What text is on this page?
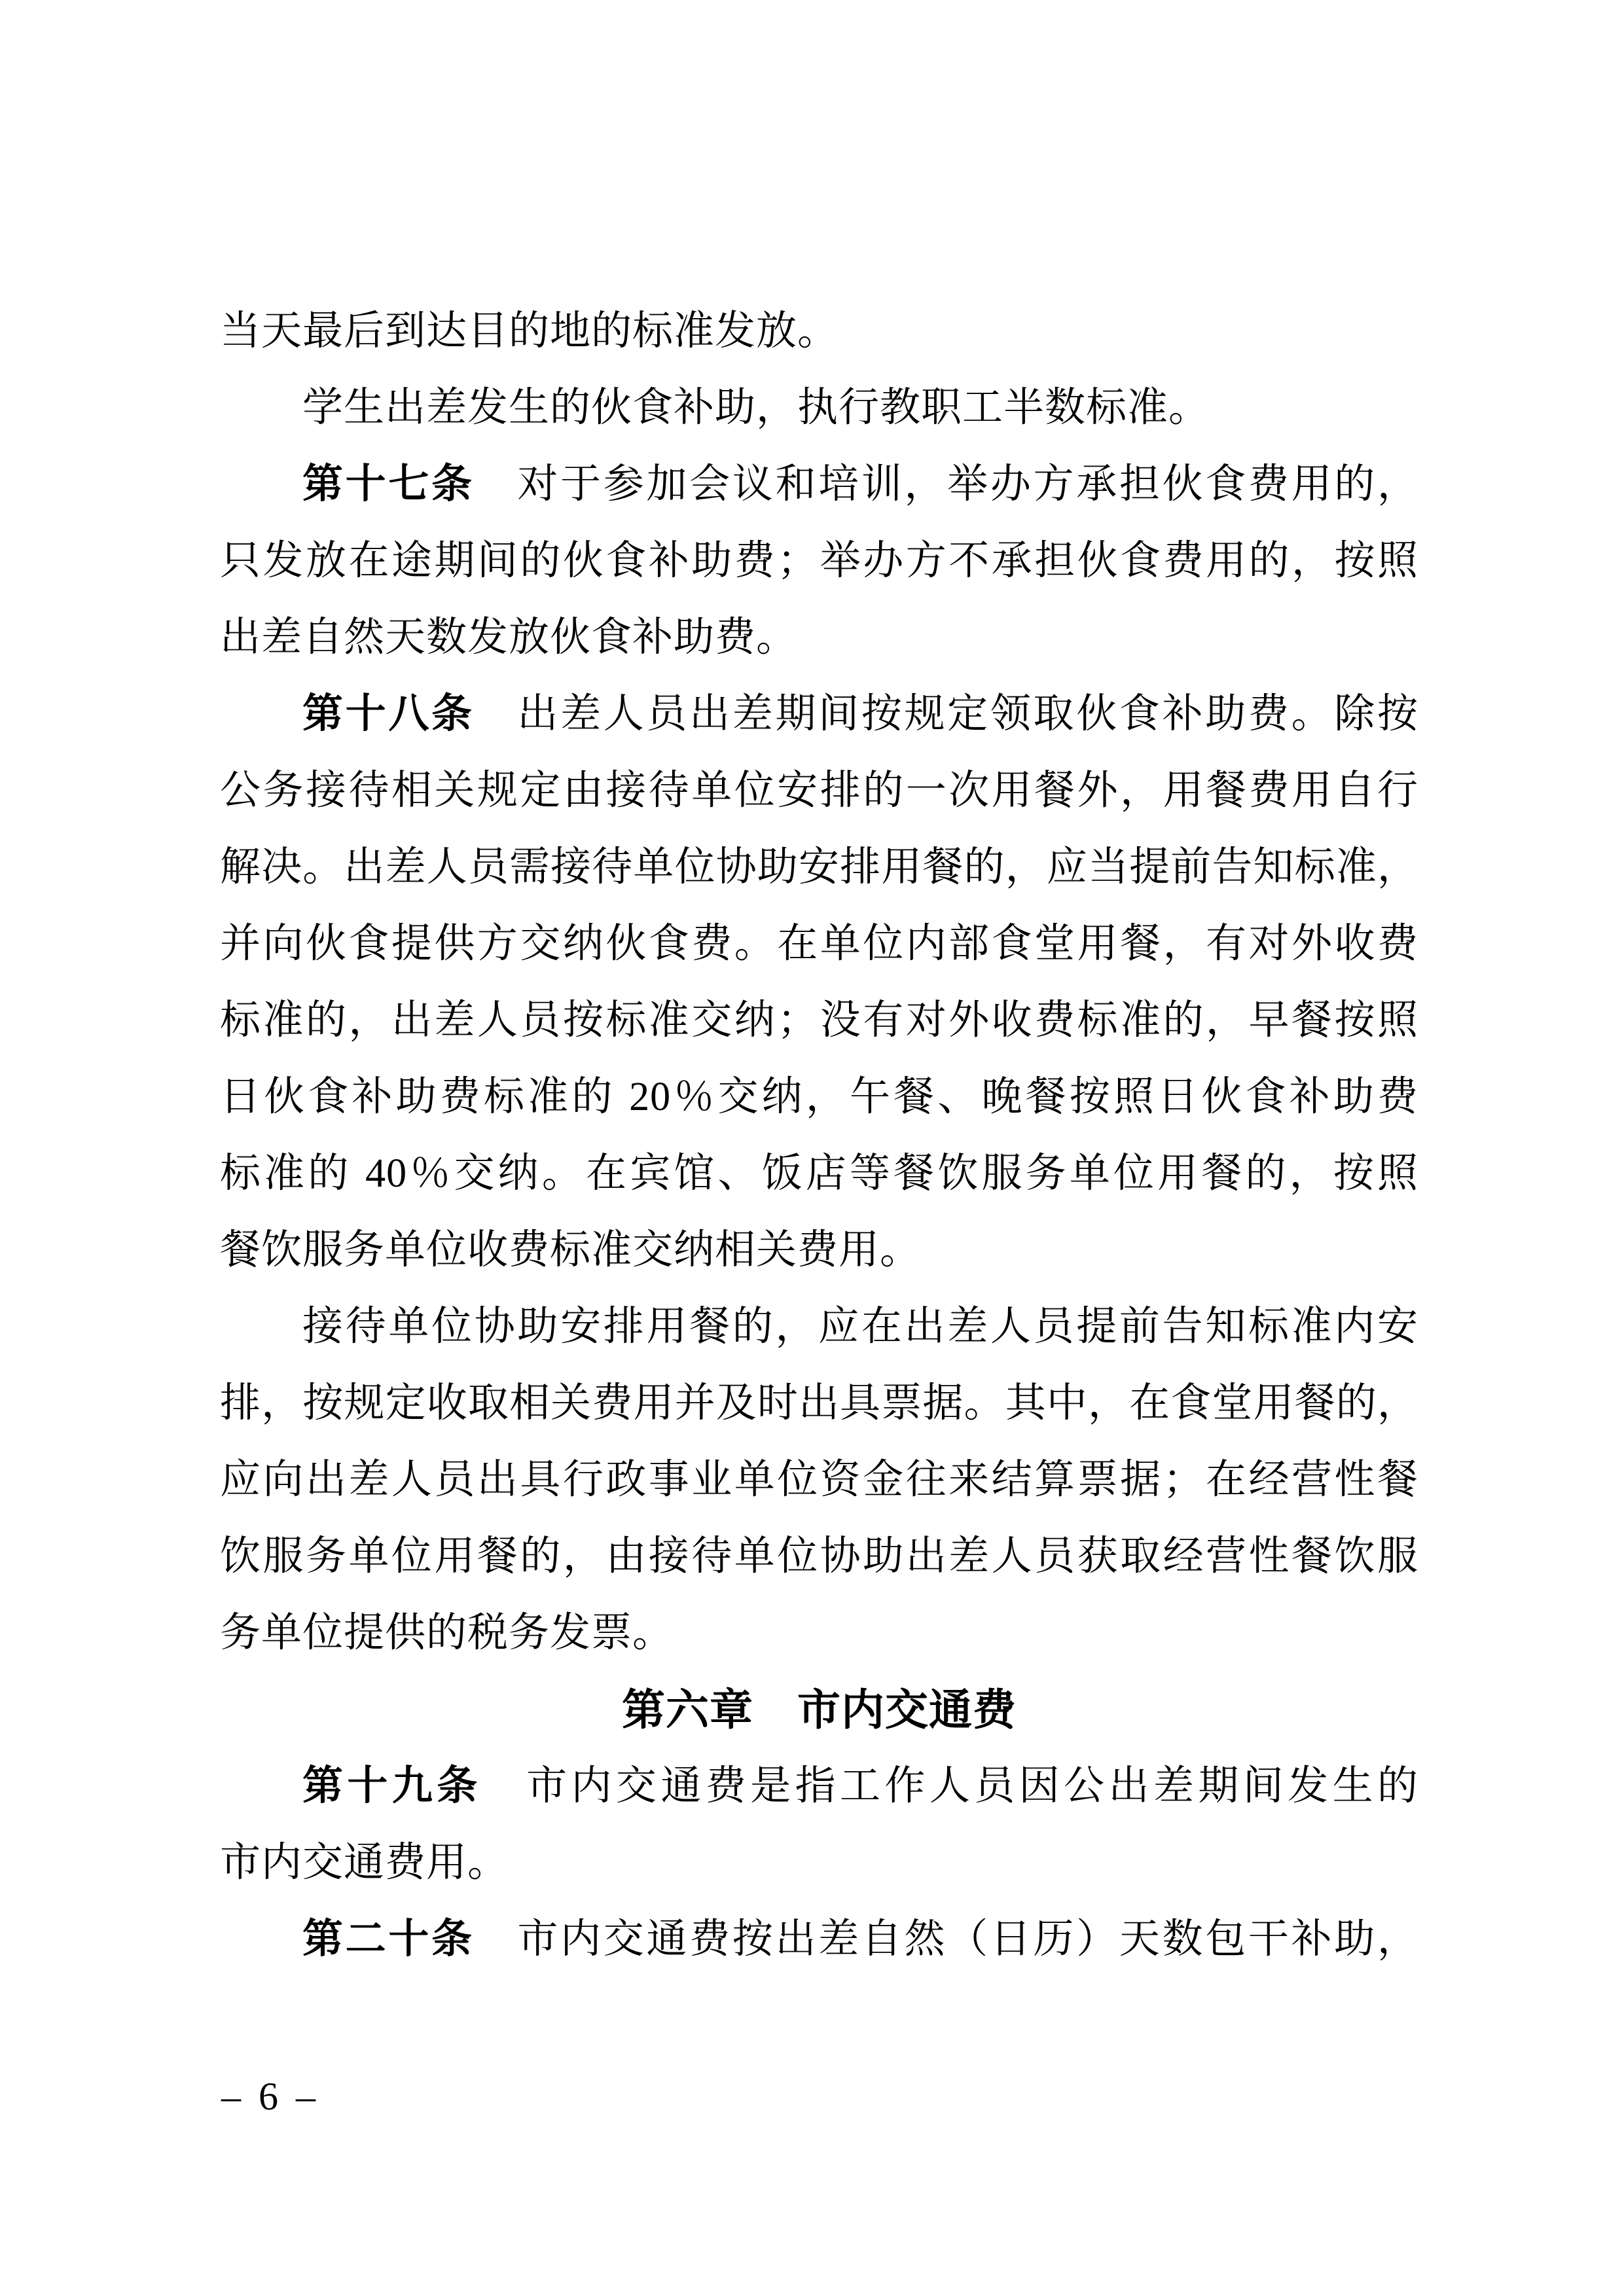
当天最后到达目的地的标准发放。
学生出差发生的伙食补助，执行教职工半数标准。
第十七条　对于参加会议和培训，举办方承担伙食费用的，
只发放在途期间的伙食补助费；举办方不承担伙食费用的，按照
出差自然天数发放伙食补助费。
第十八条　出差人员出差期间按规定领取伙食补助费。除按
公务接待相关规定由接待单位安排的一次用餐外，用餐费用自行
解决。出差人员需接待单位协助安排用餐的，应当提前告知标准，
并向伙食提供方交纳伙食费。在单位内部食堂用餐，有对外收费
标准的，出差人员按标准交纳；没有对外收费标准的，早餐按照
日伙食补助费标准的 20％交纳，午餐、晚餐按照日伙食补助费
标准的 40％交纳。在宾馆、饭店等餐饮服务单位用餐的，按照
餐饮服务单位收费标准交纳相关费用。
接待单位协助安排用餐的，应在出差人员提前告知标准内安
排，按规定收取相关费用并及时出具票据。其中，在食堂用餐的，
应向出差人员出具行政事业单位资金往来结算票据；在经营性餐
饮服务单位用餐的，由接待单位协助出差人员获取经营性餐饮服
务单位提供的税务发票。
第六章　市内交通费
第十九条　市内交通费是指工作人员因公出差期间发生的
市内交通费用。
第二十条　市内交通费按出差自然（日历）天数包干补助，
– 6 –
